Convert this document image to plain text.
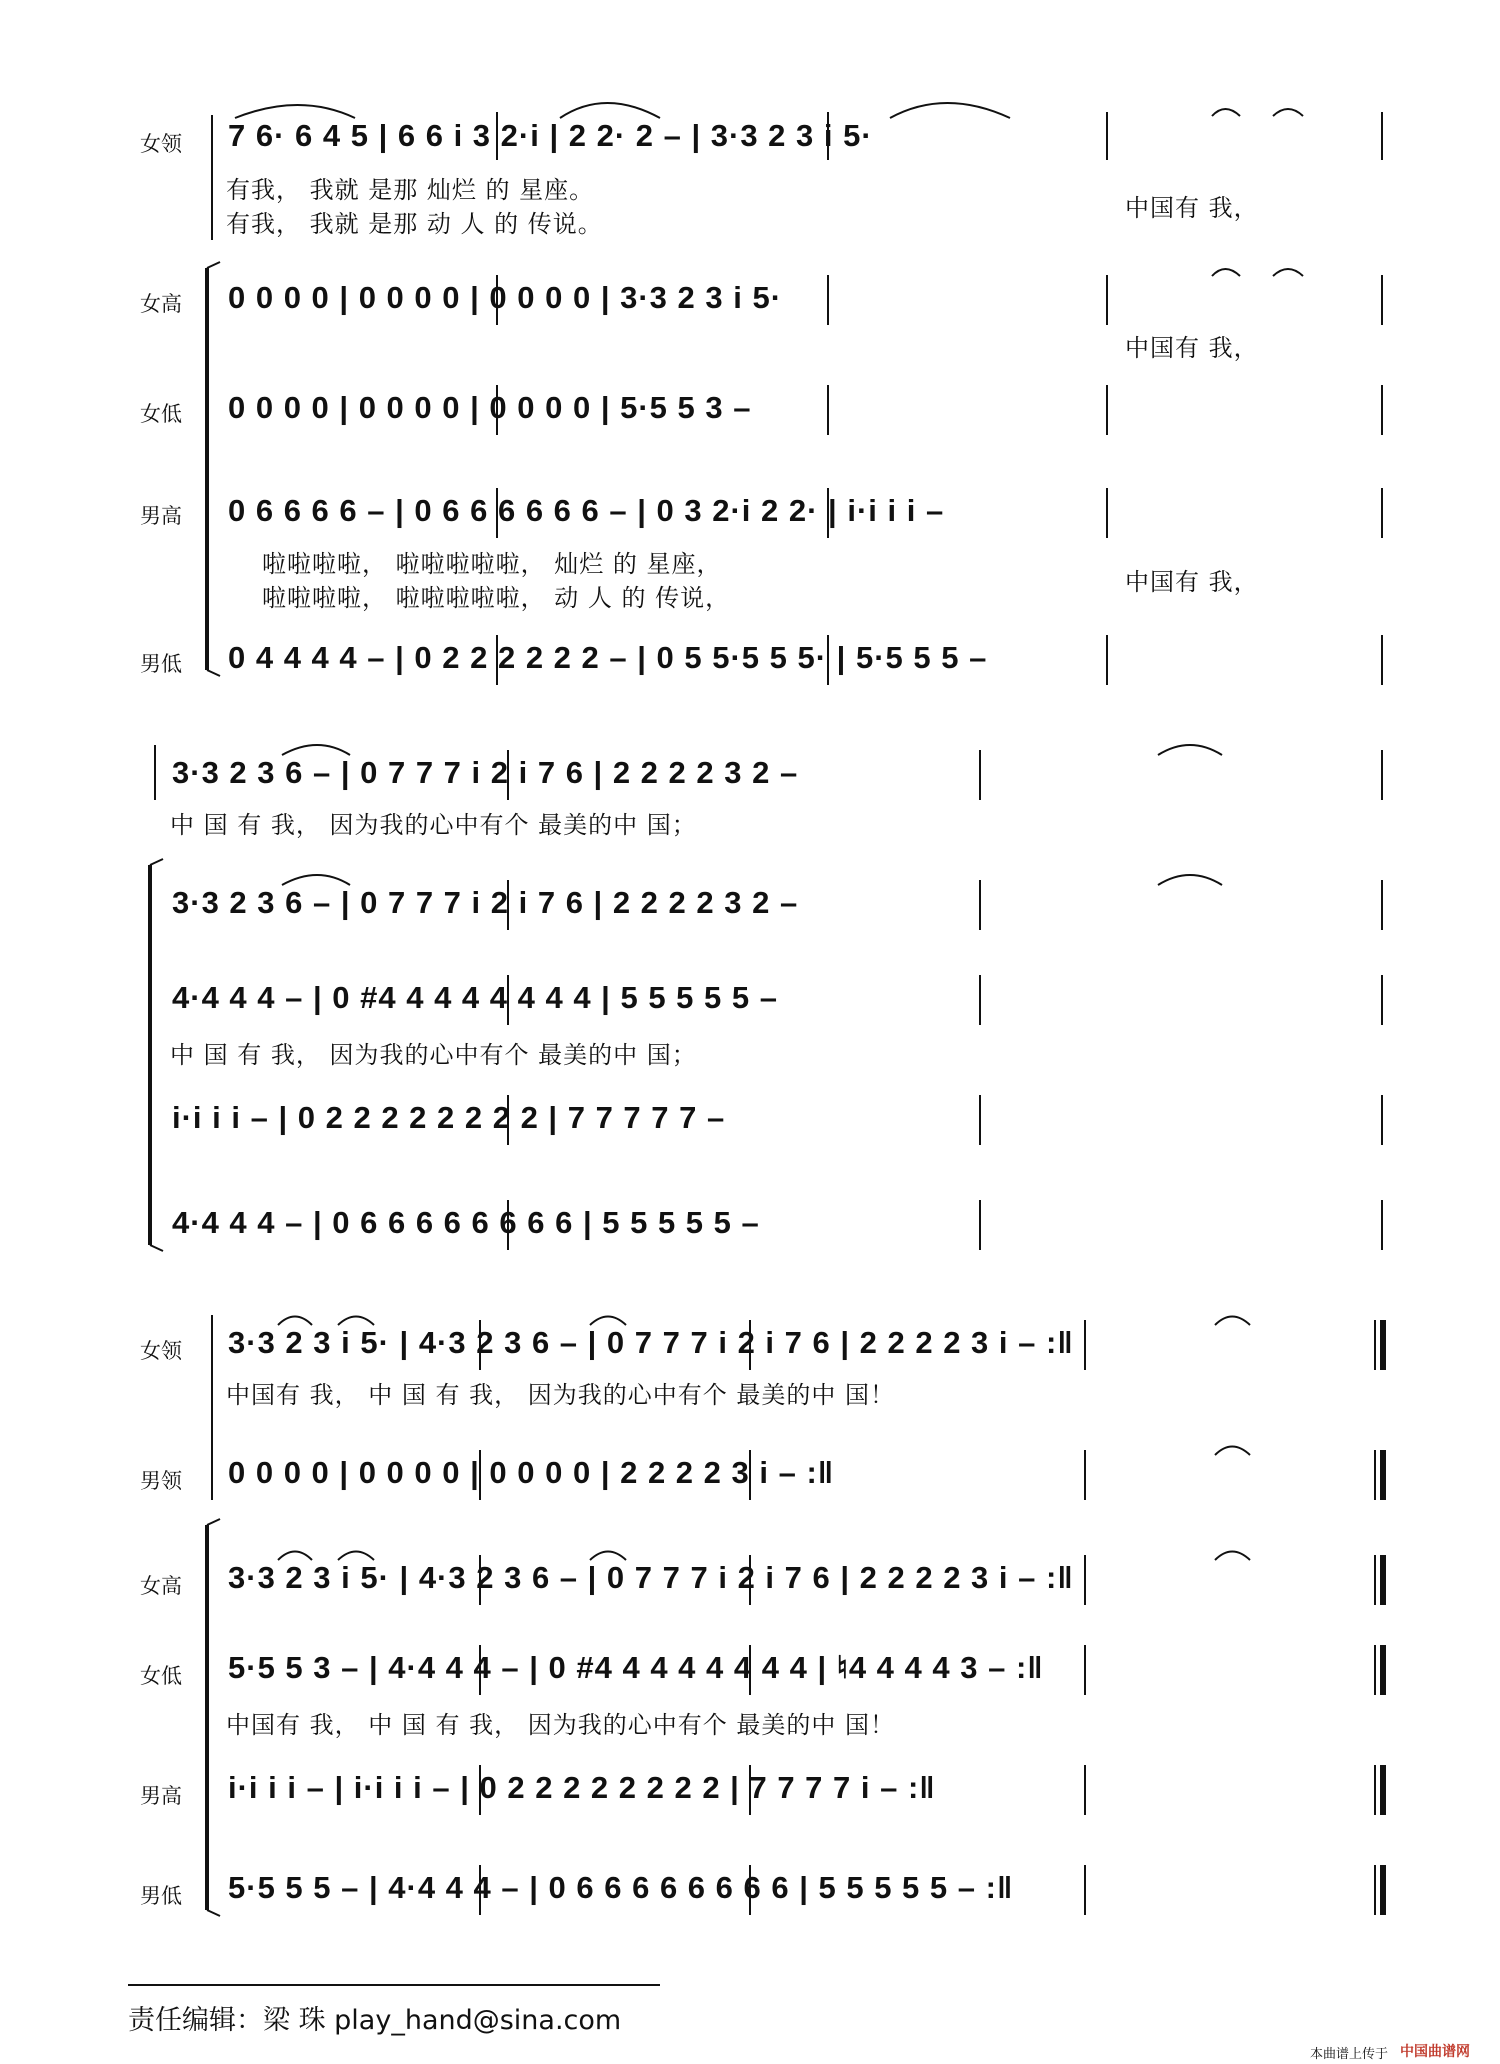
女领 7 6· 6 4 5 | 6 6 i 3 2·i | 2 2· 2 – | 3·3 2 3 i 5·
有我， 我就 是那 灿烂 的 星座。
有我， 我就 是那 动 人 的 传说。
中国有 我，
女高 0 0 0 0 | 0 0 0 0 | 0 0 0 0 | 3·3 2 3 i 5·
中国有 我，
女低 0 0 0 0 | 0 0 0 0 | 0 0 0 0 | 5·5 5 3 –
男高 0 6 6 6 6 – | 0 6 6 6 6 6 6 – | 0 3 2·i 2 2· | i·i i i –
啦啦啦啦， 啦啦啦啦啦， 灿烂 的 星座，
啦啦啦啦， 啦啦啦啦啦， 动 人 的 传说，
中国有 我，
男低 0 4 4 4 4 – | 0 2 2 2 2 2 2 – | 0 5 5·5 5 5· | 5·5 5 5 –
3·3 2 3 6 – | 0 7 7 7 i 2 i 7 6 | 2 2 2 2 3 2 –
中 国 有 我， 因为我的心中有个 最美的中 国；
3·3 2 3 6 – | 0 7 7 7 i 2 i 7 6 | 2 2 2 2 3 2 –
4·4 4 4 – | 0 #4 4 4 4 4 4 4 4 | 5 5 5 5 5 –
中 国 有 我， 因为我的心中有个 最美的中 国；
i·i i i – | 0 2 2 2 2 2 2 2 2 | 7 7 7 7 7 –
4·4 4 4 – | 0 6 6 6 6 6 6 6 6 | 5 5 5 5 5 –
女领 3·3 2 3 i 5· | 4·3 2 3 6 – | 0 7 7 7 i 2 i 7 6 | 2 2 2 2 3 i – :‖
中国有 我， 中 国 有 我， 因为我的心中有个 最美的中 国！
男领 0 0 0 0 | 0 0 0 0 | 0 0 0 0 | 2 2 2 2 3 i – :‖
女高 3·3 2 3 i 5· | 4·3 2 3 6 – | 0 7 7 7 i 2 i 7 6 | 2 2 2 2 3 i – :‖
女低 5·5 5 3 – | 4·4 4 4 – | 0 #4 4 4 4 4 4 4 4 | ♮4 4 4 4 3 – :‖
中国有 我， 中 国 有 我， 因为我的心中有个 最美的中 国！
男高 i·i i i – | i·i i i – | 0 2 2 2 2 2 2 2 2 | 7 7 7 7 i – :‖
男低 5·5 5 5 – | 4·4 4 4 – | 0 6 6 6 6 6 6 6 6 | 5 5 5 5 5 – :‖
责任编辑：梁 珠 play_hand@sina.com
本曲谱上传于 中国曲谱网
